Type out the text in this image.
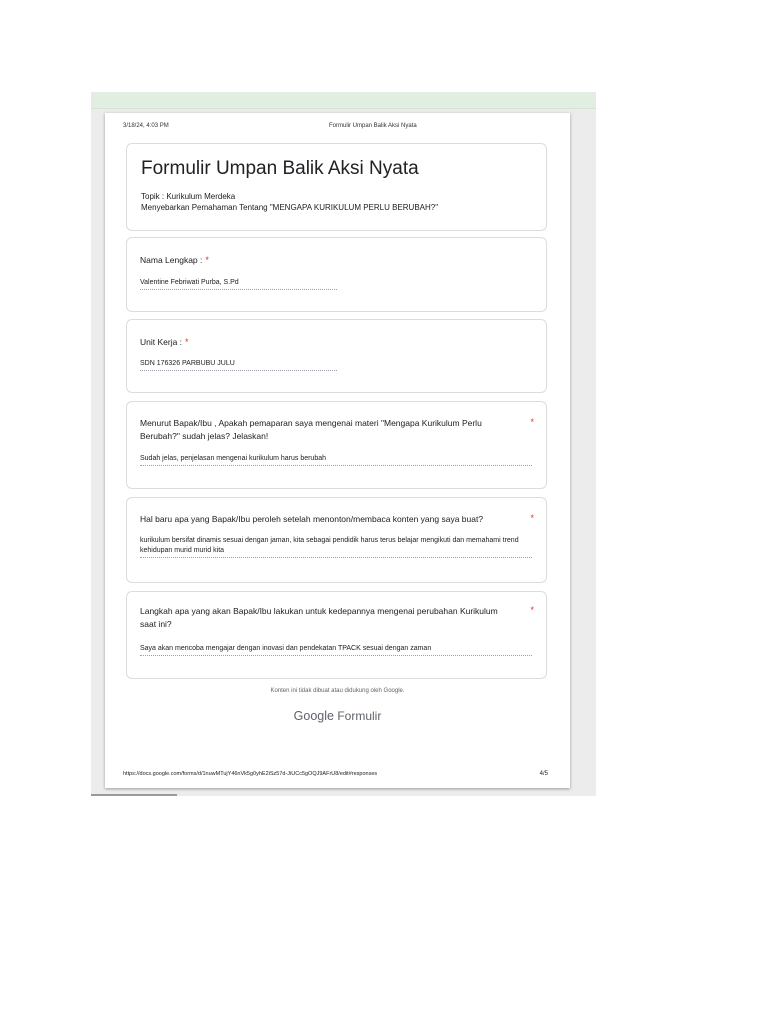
3/18/24, 4:03 PM	Formulir Umpan Balik Aksi Nyata
Formulir Umpan Balik Aksi Nyata
Topik : Kurikulum Merdeka
Menyebarkan Pemahaman Tentang "MENGAPA KURIKULUM PERLU BERUBAH?"
Nama Lengkap : *
Valentine Febriwati Purba, S.Pd
Unit Kerja : *
SDN 176326 PARBUBU JULU
Menurut Bapak/Ibu , Apakah pemaparan saya mengenai materi "Mengapa Kurikulum Perlu Berubah?" sudah jelas? Jelaskan!
*
Sudah jelas, penjelasan mengenai kurikulum harus berubah
Hal baru apa yang Bapak/Ibu peroleh setelah menonton/membaca konten yang saya buat?	*
kurikulum bersifat dinamis sesuai dengan jaman, kita sebagai pendidik harus terus belajar mengikuti dan memahami trend kehidupan murid murid kita
Langkah apa yang akan Bapak/Ibu lakukan untuk kedepannya mengenai perubahan Kurikulum saat ini?
*
Saya akan mencoba mengajar dengan inovasi dan pendekatan TPACK sesuai dengan zaman
Konten ini tidak dibuat atau didukung oleh Google.
Google Formulir
https://docs.google.com/forms/d/1nuwMTujY46nVk5g0yhE2iSz57d-JiUCc5gOQJ9AFrU8/edit#responses	4/5
